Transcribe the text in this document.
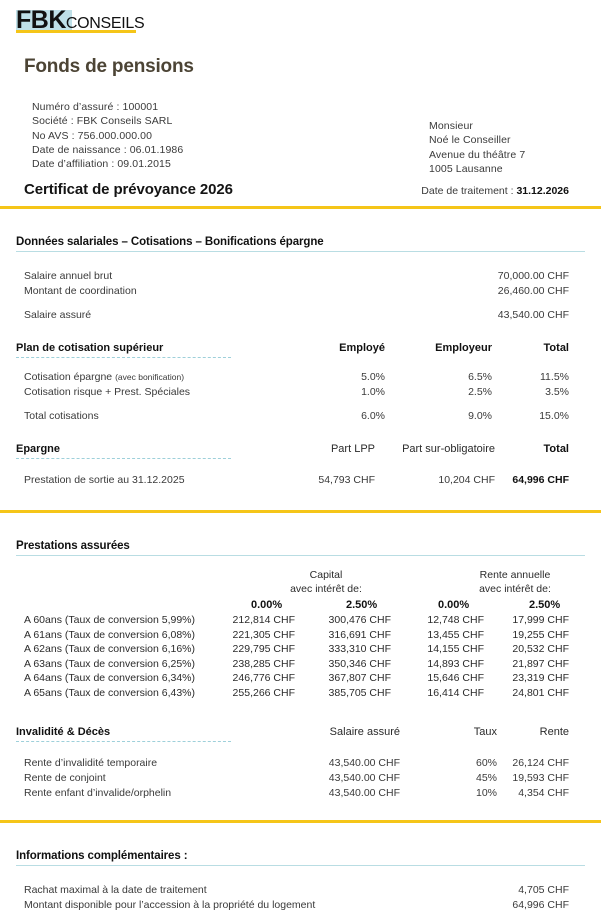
FBKCONSEILS
Fonds de pensions
Numéro d’assuré : 100001
Société : FBK Conseils SARL
No AVS : 756.000.000.00
Date de naissance : 06.01.1986
Date d’affiliation : 09.01.2015
Monsieur
Noé le Conseiller
Avenue du théâtre 7
1005 Lausanne
Certificat de prévoyance 2026	Date de traitement : 31.12.2026
Données salariales – Cotisations – Bonifications épargne
Salaire annuel brut	70,000.00 CHF
Montant de coordination	26,460.00 CHF
Salaire assuré	43,540.00 CHF
Plan de cotisation supérieur	Employé	Employeur	Total
Cotisation épargne (avec bonification)	5.0%	6.5%	11.5%
Cotisation risque + Prest. Spéciales	1.0%	2.5%	3.5%
Total cotisations	6.0%	9.0%	15.0%
Epargne	Part LPP	Part sur-obligatoire	Total
Prestation de sortie au 31.12.2025	54,793 CHF	10,204 CHF	64,996 CHF
Prestations assurées
Capital
avec intérêt de:
Rente annuelle
avec intérêt de:
0.00%	2.50%	0.00%	2.50%
A 60ans (Taux de conversion 5,99%)	212,814 CHF	300,476 CHF	12,748 CHF	17,999 CHF
A 61ans (Taux de conversion 6,08%)	221,305 CHF	316,691 CHF	13,455 CHF	19,255 CHF
A 62ans (Taux de conversion 6,16%)	229,795 CHF	333,310 CHF	14,155 CHF	20,532 CHF
A 63ans (Taux de conversion 6,25%)	238,285 CHF	350,346 CHF	14,893 CHF	21,897 CHF
A 64ans (Taux de conversion 6,34%)	246,776 CHF	367,807 CHF	15,646 CHF	23,319 CHF
A 65ans (Taux de conversion 6,43%)	255,266 CHF	385,705 CHF	16,414 CHF	24,801 CHF
Invalidité & Décès	Salaire assuré	Taux	Rente
Rente d’invalidité temporaire	43,540.00 CHF	60%	26,124 CHF
Rente de conjoint	43,540.00 CHF	45%	19,593 CHF
Rente enfant d’invalide/orphelin	43,540.00 CHF	10%	4,354 CHF
Informations complémentaires :
Rachat maximal à la date de traitement	4,705 CHF
Montant disponible pour l’accession à la propriété du logement	64,996 CHF
